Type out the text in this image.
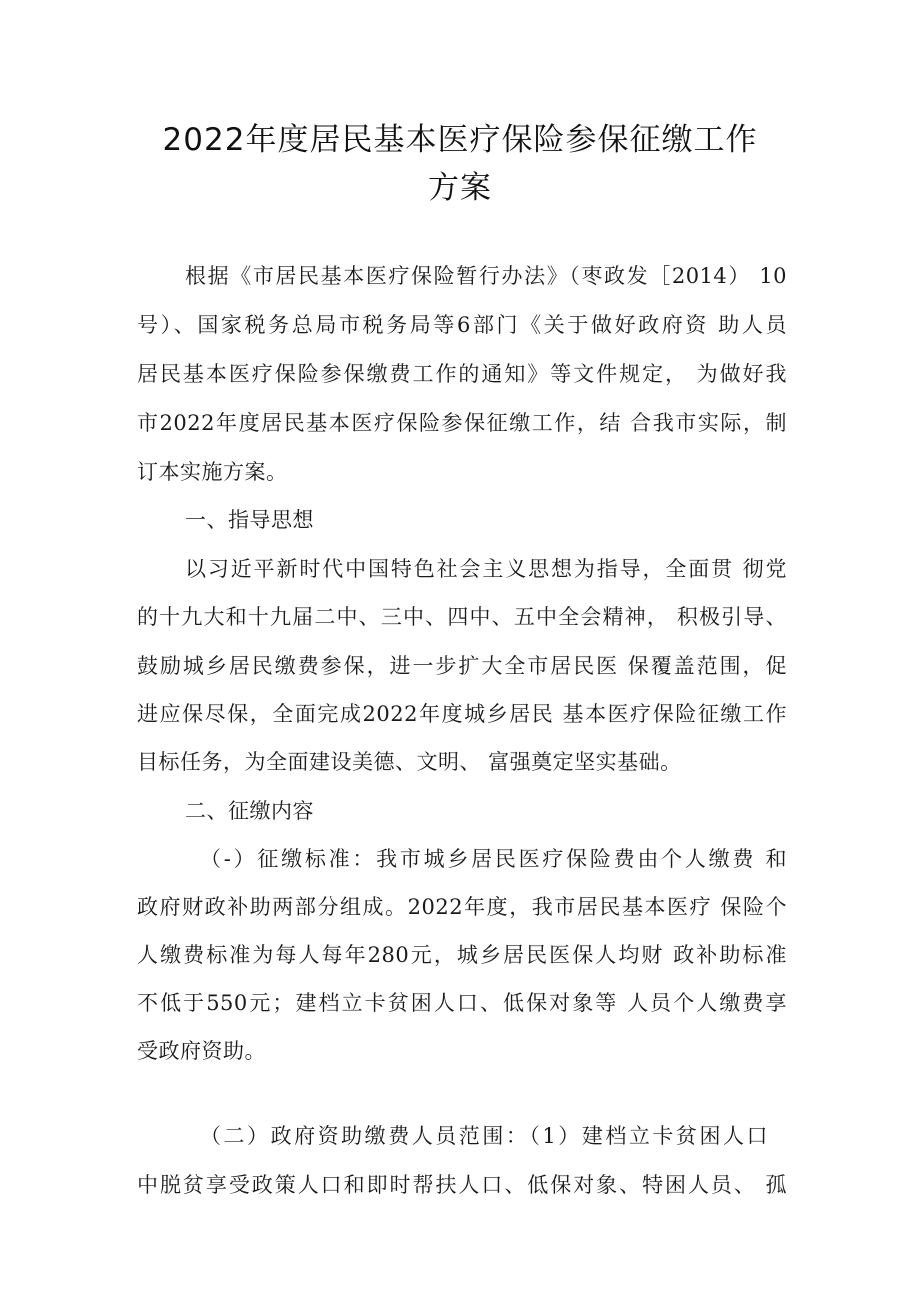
2022年度居民基本医疗保险参保征缴工作
方案
根据《市居民基本医疗保险暂行办法》（枣政发［2014） 10
号）、国家税务总局市税务局等6部门《关于做好政府资 助人员
居民基本医疗保险参保缴费工作的通知》等文件规定， 为做好我
市2022年度居民基本医疗保险参保征缴工作，结 合我市实际，制
订本实施方案。
一、指导思想
以习近平新时代中国特色社会主义思想为指导，全面贯 彻党
的十九大和十九届二中、三中、四中、五中全会精神， 积极引导、
鼓励城乡居民缴费参保，进一步扩大全市居民医 保覆盖范围，促
进应保尽保，全面完成2022年度城乡居民 基本医疗保险征缴工作
目标任务，为全面建设美德、文明、 富强奠定坚实基础。
二、征缴内容
（-）征缴标准：我市城乡居民医疗保险费由个人缴费 和
政府财政补助两部分组成。2022年度，我市居民基本医疗 保险个
人缴费标准为每人每年280元，城乡居民医保人均财 政补助标准
不低于550元；建档立卡贫困人口、低保对象等 人员个人缴费享
受政府资助。
（二）政府资助缴费人员范围：（1）建档立卡贫困人口
中脱贫享受政策人口和即时帮扶人口、低保对象、特困人员、 孤
